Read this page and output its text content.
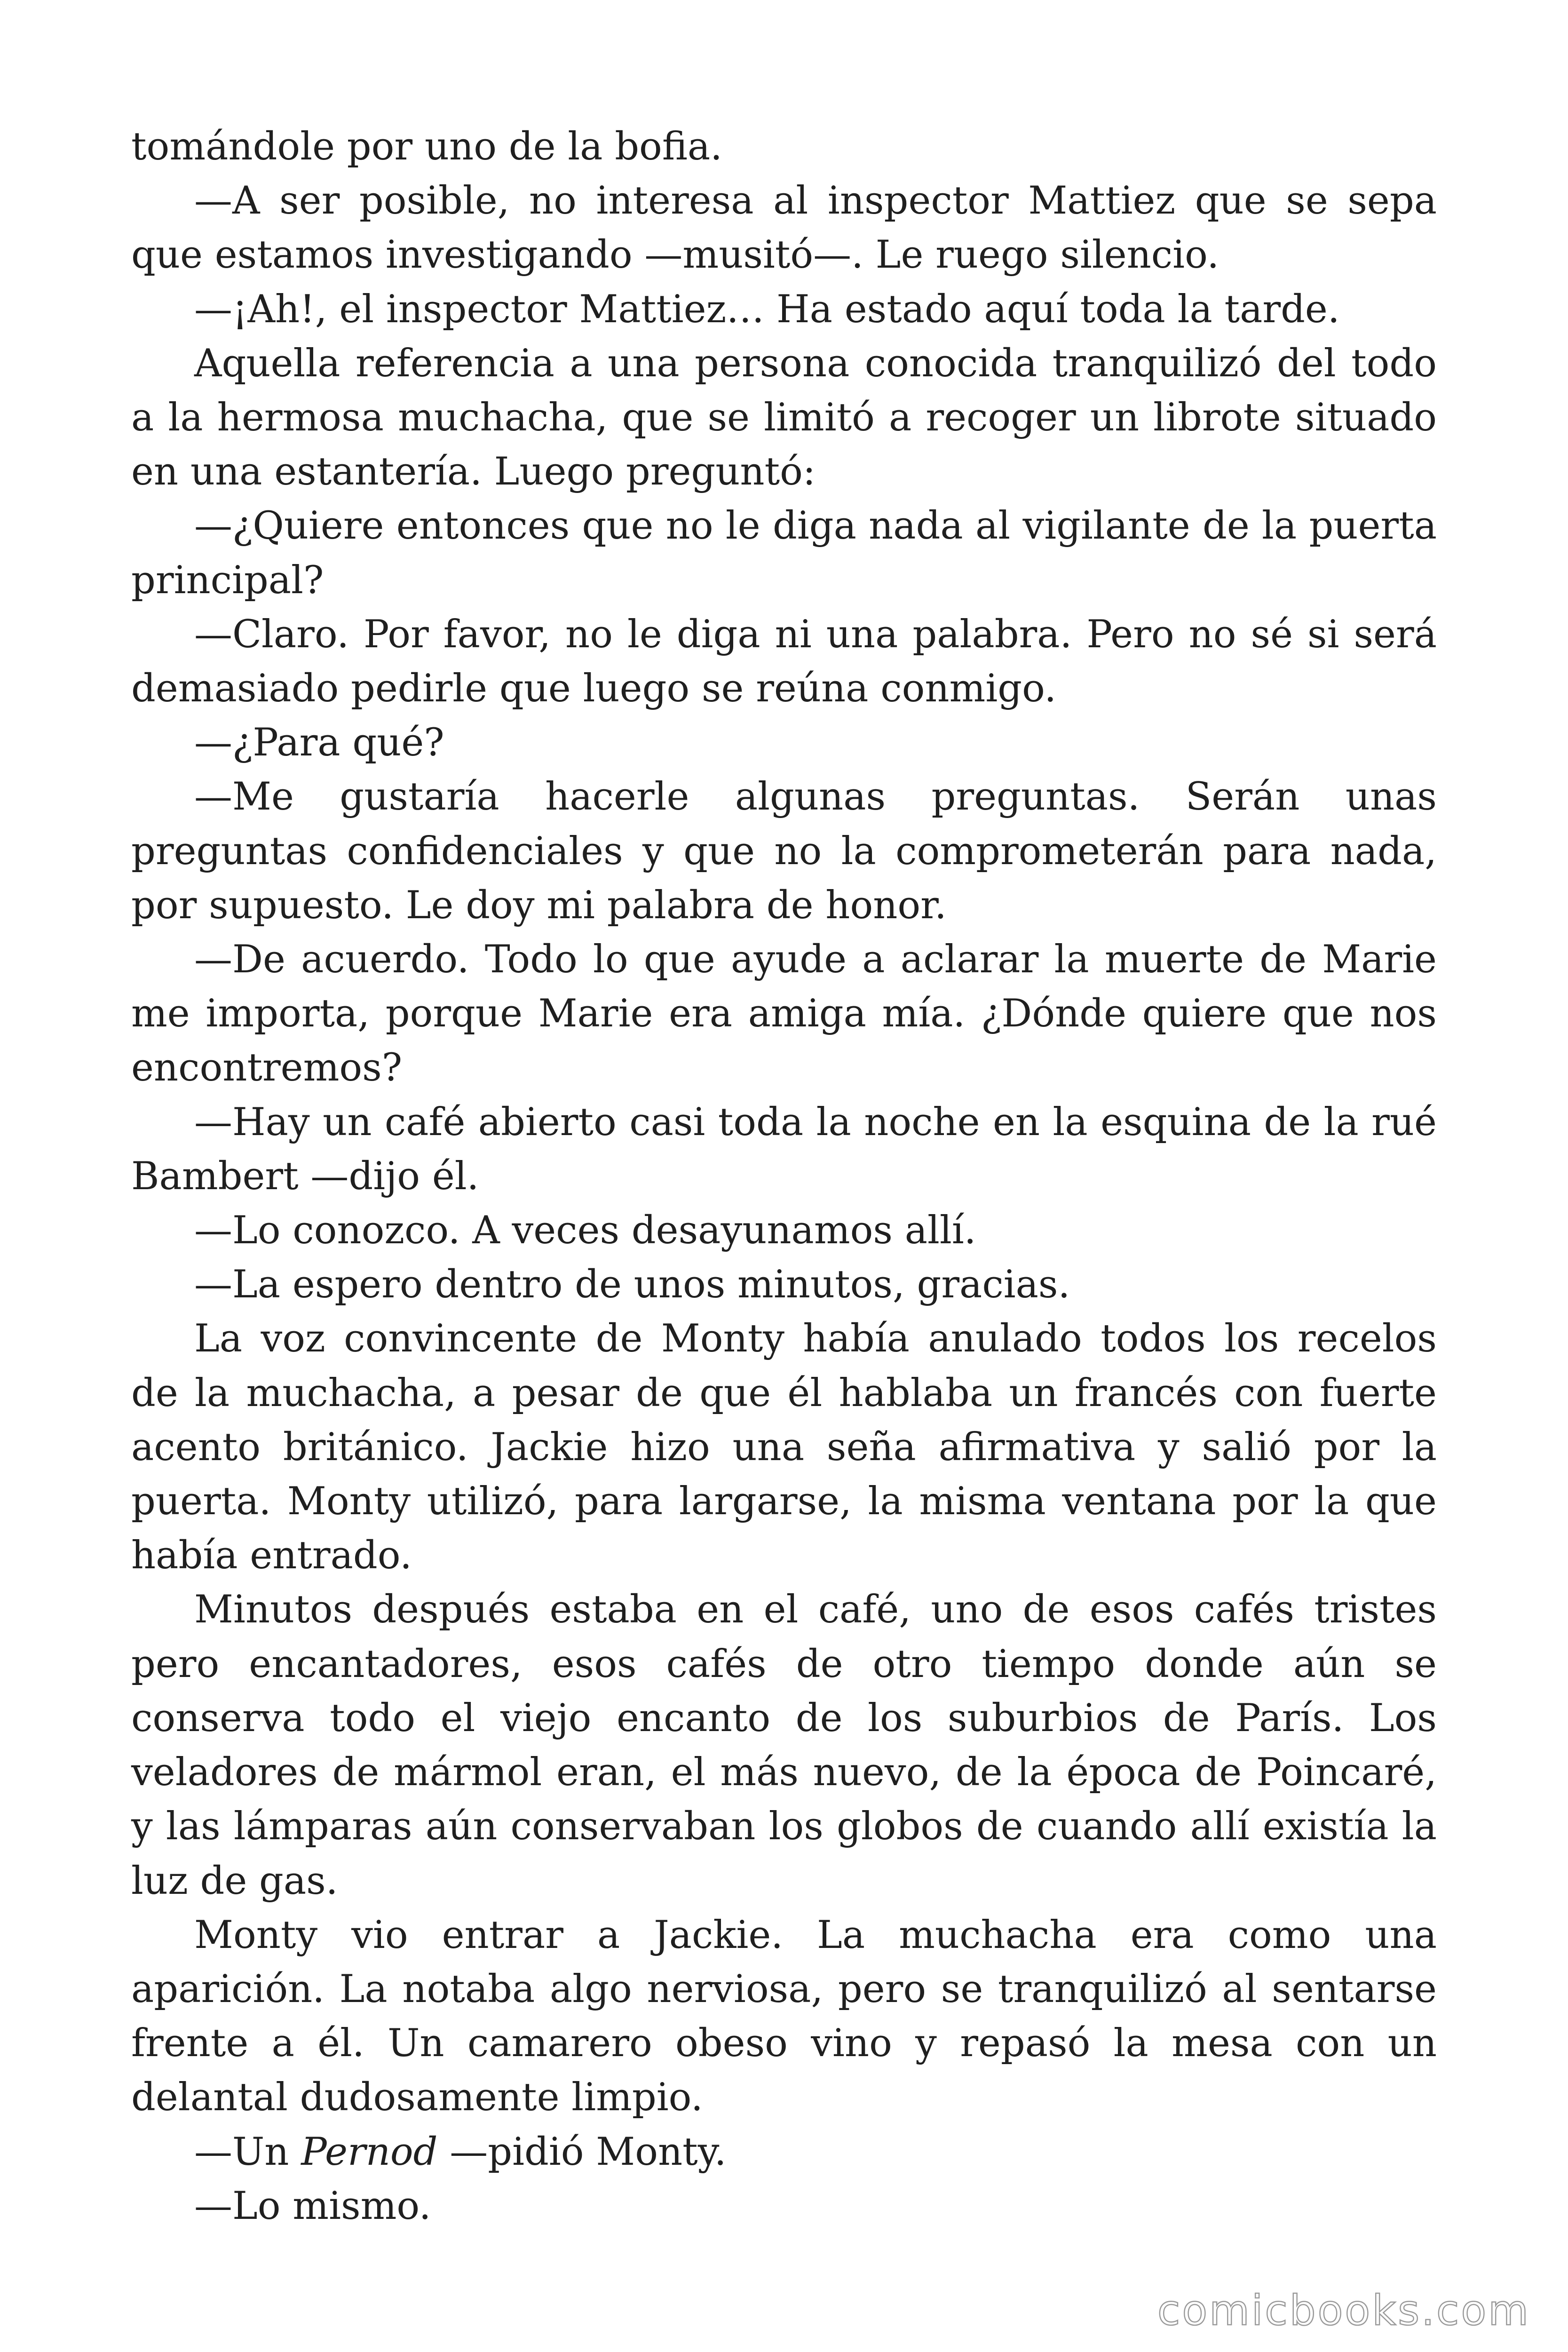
tomándole por uno de la bofia.

—A ser posible, no interesa al inspector Mattiez que se sepa que estamos investigando —musitó—. Le ruego silencio.

—¡Ah!, el inspector Mattiez… Ha estado aquí toda la tarde.

Aquella referencia a una persona conocida tranquilizó del todo a la hermosa muchacha, que se limitó a recoger un librote situado en una estantería. Luego preguntó:

—¿Quiere entonces que no le diga nada al vigilante de la puerta principal?

—Claro. Por favor, no le diga ni una palabra. Pero no sé si será demasiado pedirle que luego se reúna conmigo.

—¿Para qué?

—Me gustaría hacerle algunas preguntas. Serán unas preguntas confidenciales y que no la comprometerán para nada, por supuesto. Le doy mi palabra de honor.

—De acuerdo. Todo lo que ayude a aclarar la muerte de Marie me importa, porque Marie era amiga mía. ¿Dónde quiere que nos encontremos?

—Hay un café abierto casi toda la noche en la esquina de la rué Bambert —dijo él.

—Lo conozco. A veces desayunamos allí.

—La espero dentro de unos minutos, gracias.

La voz convincente de Monty había anulado todos los recelos de la muchacha, a pesar de que él hablaba un francés con fuerte acento británico. Jackie hizo una seña afirmativa y salió por la puerta. Monty utilizó, para largarse, la misma ventana por la que había entrado.

Minutos después estaba en el café, uno de esos cafés tristes pero encantadores, esos cafés de otro tiempo donde aún se conserva todo el viejo encanto de los suburbios de París. Los veladores de mármol eran, el más nuevo, de la época de Poincaré, y las lámparas aún conservaban los globos de cuando allí existía la luz de gas.

Monty vio entrar a Jackie. La muchacha era como una aparición. La notaba algo nerviosa, pero se tranquilizó al sentarse frente a él. Un camarero obeso vino y repasó la mesa con un delantal dudosamente limpio.

—Un Pernod —pidió Monty.

—Lo mismo.

comicbooks.com
